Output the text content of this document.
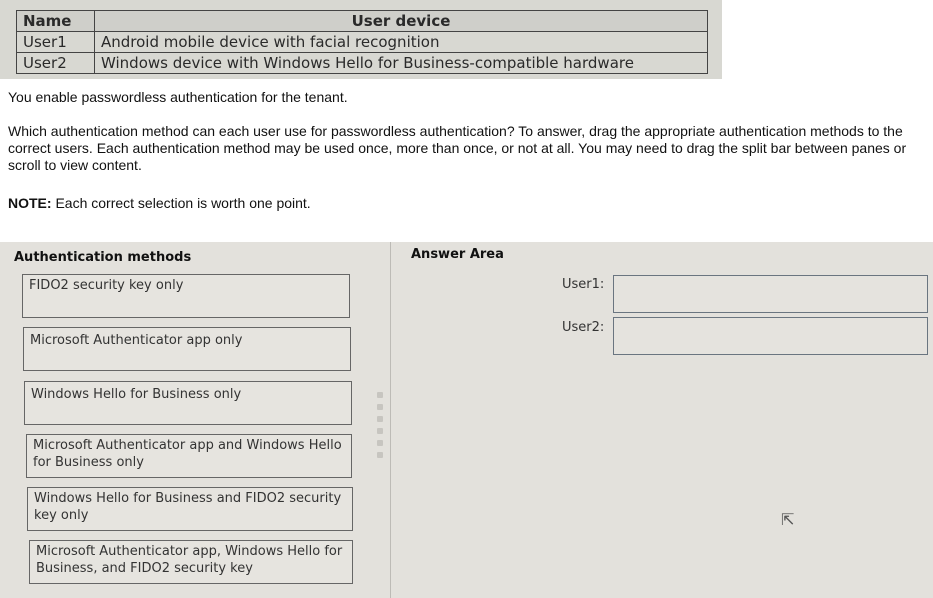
Name	User device
User1	Android mobile device with facial recognition
User2	Windows device with Windows Hello for Business-compatible hardware
You enable passwordless authentication for the tenant.
Which authentication method can each user use for passwordless authentication? To answer, drag the appropriate authentication methods to the correct users. Each authentication method may be used once, more than once, or not at all. You may need to drag the split bar between panes or scroll to view content.
NOTE: Each correct selection is worth one point.
Authentication methods
FIDO2 security key only
Microsoft Authenticator app only
Windows Hello for Business only
Microsoft Authenticator app and Windows Hello for Business only
Windows Hello for Business and FIDO2 security key only
Microsoft Authenticator app, Windows Hello for Business, and FIDO2 security key
Answer Area
User1:
User2:
⇱
